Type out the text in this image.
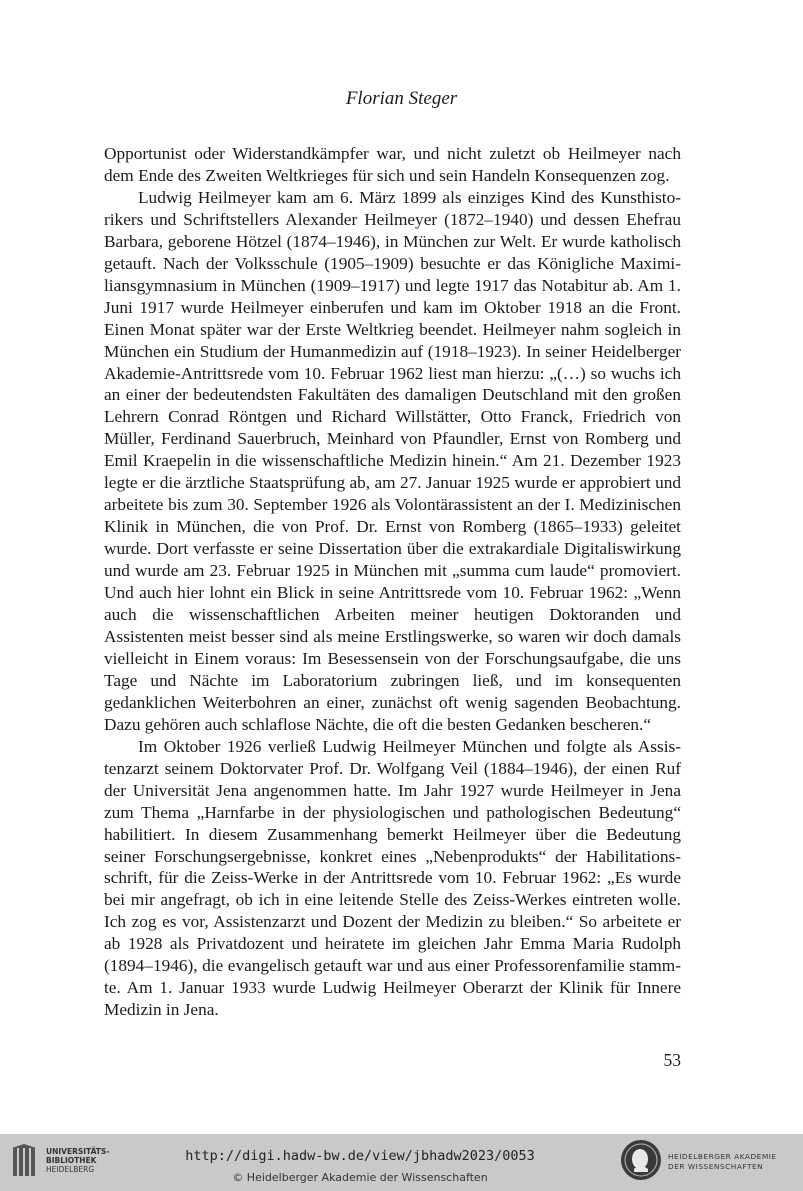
Florian Steger

Opportunist oder Widerstandkämpfer war, und nicht zuletzt ob Heilmeyer nach dem Ende des Zweiten Weltkrieges für sich und sein Handeln Konsequenzen zog.

Ludwig Heilmeyer kam am 6. März 1899 als einziges Kind des Kunsthistorikers und Schriftstellers Alexander Heilmeyer (1872–1940) und dessen Ehefrau Barbara, geborene Hötzel (1874–1946), in München zur Welt. Er wurde katholisch getauft. Nach der Volksschule (1905–1909) besuchte er das Königliche Maximiliansgymnasium in München (1909–1917) und legte 1917 das Notabitur ab. Am 1. Juni 1917 wurde Heilmeyer einberufen und kam im Oktober 1918 an die Front. Einen Monat später war der Erste Weltkrieg beendet. Heilmeyer nahm sogleich in München ein Studium der Humanmedizin auf (1918–1923). In seiner Heidelberger Akademie-Antrittsrede vom 10. Februar 1962 liest man hierzu: „(…) so wuchs ich an einer der bedeutendsten Fakultäten des damaligen Deutschland mit den großen Lehrern Conrad Röntgen und Richard Willstätter, Otto Franck, Friedrich von Müller, Ferdinand Sauerbruch, Meinhard von Pfaundler, Ernst von Romberg und Emil Kraepelin in die wissenschaftliche Medizin hinein.“ Am 21. Dezember 1923 legte er die ärztliche Staatsprüfung ab, am 27. Januar 1925 wurde er approbiert und arbeitete bis zum 30. September 1926 als Volontärassistent an der I. Medizinischen Klinik in München, die von Prof. Dr. Ernst von Romberg (1865–1933) geleitet wurde. Dort verfasste er seine Dissertation über die extrakardiale Digitaliswirkung und wurde am 23. Februar 1925 in München mit „summa cum laude“ promoviert. Und auch hier lohnt ein Blick in seine Antrittsrede vom 10. Februar 1962: „Wenn auch die wissenschaftlichen Arbeiten meiner heutigen Doktoranden und Assistenten meist besser sind als meine Erstlingswerke, so waren wir doch damals vielleicht in Einem voraus: Im Besessensein von der Forschungsaufgabe, die uns Tage und Nächte im Laboratorium zubringen ließ, und im konsequenten gedanklichen Weiterbohren an einer, zunächst oft wenig sagenden Beobachtung. Dazu gehören auch schlaflose Nächte, die oft die besten Gedanken bescheren.“

Im Oktober 1926 verließ Ludwig Heilmeyer München und folgte als Assistenzarzt seinem Doktorvater Prof. Dr. Wolfgang Veil (1884–1946), der einen Ruf der Universität Jena angenommen hatte. Im Jahr 1927 wurde Heilmeyer in Jena zum Thema „Harnfarbe in der physiologischen und pathologischen Bedeutung“ habilitiert. In diesem Zusammenhang bemerkt Heilmeyer über die Bedeutung seiner Forschungsergebnisse, konkret eines „Nebenprodukts“ der Habilitationsschrift, für die Zeiss-Werke in der Antrittsrede vom 10. Februar 1962: „Es wurde bei mir angefragt, ob ich in eine leitende Stelle des Zeiss-Werkes eintreten wolle. Ich zog es vor, Assistenzarzt und Dozent der Medizin zu bleiben.“ So arbeitete er ab 1928 als Privatdozent und heiratete im gleichen Jahr Emma Maria Rudolph (1894–1946), die evangelisch getauft war und aus einer Professorenfamilie stammte. Am 1. Januar 1933 wurde Ludwig Heilmeyer Oberarzt der Klinik für Innere Medizin in Jena.

53
UNIVERSITÄTS-
BIBLIOTHEK
HEIDELBERG
http://digi.hadw-bw.de/view/jbhadw2023/0053
© Heidelberger Akademie der Wissenschaften
HEIDELBERGER AKADEMIE
DER WISSENSCHAFTEN
